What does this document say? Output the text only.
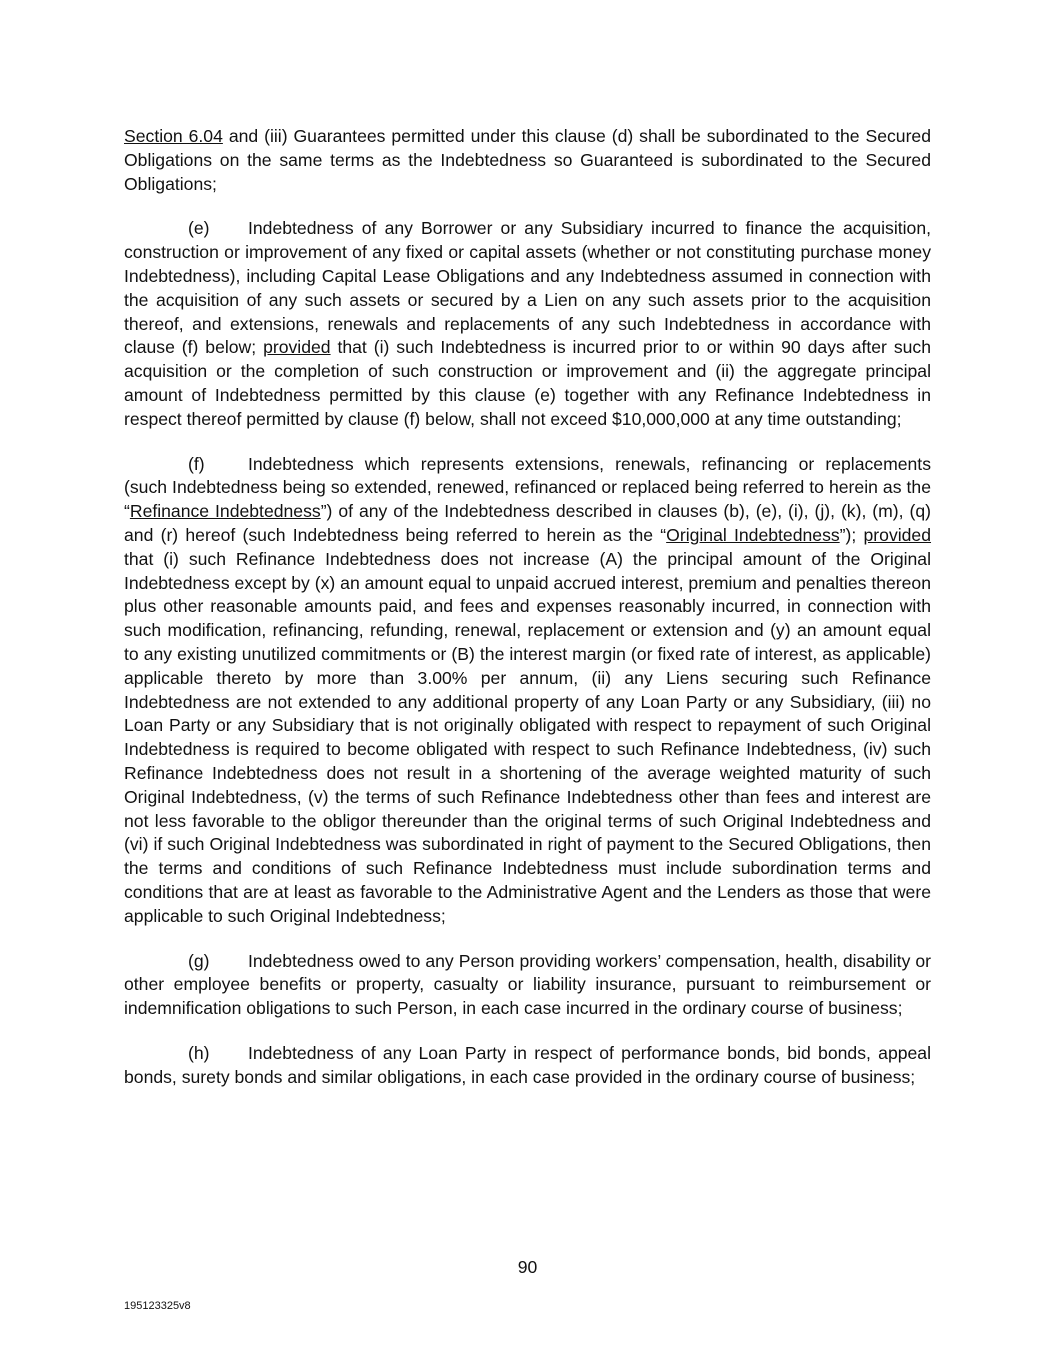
Section 6.04 and (iii) Guarantees permitted under this clause (d) shall be subordinated to the Secured Obligations on the same terms as the Indebtedness so Guaranteed is subordinated to the Secured Obligations;

(e) Indebtedness of any Borrower or any Subsidiary incurred to finance the acquisition, construction or improvement of any fixed or capital assets (whether or not constituting purchase money Indebtedness), including Capital Lease Obligations and any Indebtedness assumed in connection with the acquisition of any such assets or secured by a Lien on any such assets prior to the acquisition thereof, and extensions, renewals and replacements of any such Indebtedness in accordance with clause (f) below; provided that (i) such Indebtedness is incurred prior to or within 90 days after such acquisition or the completion of such construction or improvement and (ii) the aggregate principal amount of Indebtedness permitted by this clause (e) together with any Refinance Indebtedness in respect thereof permitted by clause (f) below, shall not exceed $10,000,000 at any time outstanding;

(f) Indebtedness which represents extensions, renewals, refinancing or replacements (such Indebtedness being so extended, renewed, refinanced or replaced being referred to herein as the “Refinance Indebtedness”) of any of the Indebtedness described in clauses (b), (e), (i), (j), (k), (m), (q) and (r) hereof (such Indebtedness being referred to herein as the “Original Indebtedness”); provided that (i) such Refinance Indebtedness does not increase (A) the principal amount of the Original Indebtedness except by (x) an amount equal to unpaid accrued interest, premium and penalties thereon plus other reasonable amounts paid, and fees and expenses reasonably incurred, in connection with such modification, refinancing, refunding, renewal, replacement or extension and (y) an amount equal to any existing unutilized commitments or (B) the interest margin (or fixed rate of interest, as applicable) applicable thereto by more than 3.00% per annum, (ii) any Liens securing such Refinance Indebtedness are not extended to any additional property of any Loan Party or any Subsidiary, (iii) no Loan Party or any Subsidiary that is not originally obligated with respect to repayment of such Original Indebtedness is required to become obligated with respect to such Refinance Indebtedness, (iv) such Refinance Indebtedness does not result in a shortening of the average weighted maturity of such Original Indebtedness, (v) the terms of such Refinance Indebtedness other than fees and interest are not less favorable to the obligor thereunder than the original terms of such Original Indebtedness and (vi) if such Original Indebtedness was subordinated in right of payment to the Secured Obligations, then the terms and conditions of such Refinance Indebtedness must include subordination terms and conditions that are at least as favorable to the Administrative Agent and the Lenders as those that were applicable to such Original Indebtedness;

(g) Indebtedness owed to any Person providing workers’ compensation, health, disability or other employee benefits or property, casualty or liability insurance, pursuant to reimbursement or indemnification obligations to such Person, in each case incurred in the ordinary course of business;

(h) Indebtedness of any Loan Party in respect of performance bonds, bid bonds, appeal bonds, surety bonds and similar obligations, in each case provided in the ordinary course of business;

90
195123325v8
